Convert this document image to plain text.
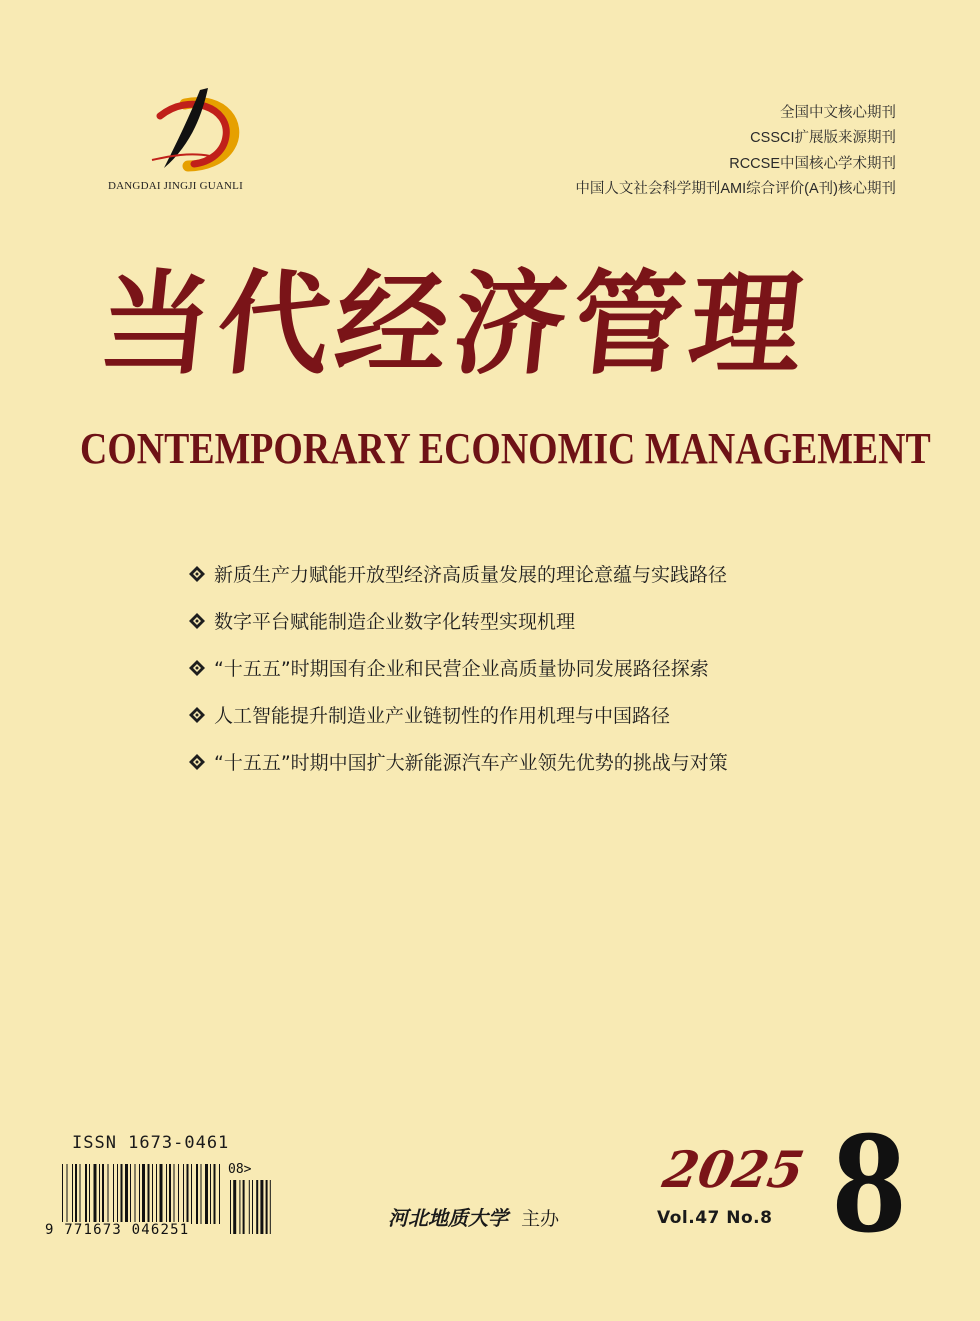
DANGDAI JINGJI GUANLI
全国中文核心期刊
CSSCI扩展版来源期刊
RCCSE中国核心学术期刊
中国人文社会科学期刊AMI综合评价(A刊)核心期刊
当代经济管理
CONTEMPORARY ECONOMIC MANAGEMENT
新质生产力赋能开放型经济高质量发展的理论意蕴与实践路径
数字平台赋能制造企业数字化转型实现机理
“十五五”时期国有企业和民营企业高质量协同发展路径探索
人工智能提升制造业产业链韧性的作用机理与中国路径
“十五五”时期中国扩大新能源汽车产业领先优势的挑战与对策
ISSN 1673-0461
9 771673 046251
08>
河北地质大学 主办
2025
Vol.47 No.8 8
